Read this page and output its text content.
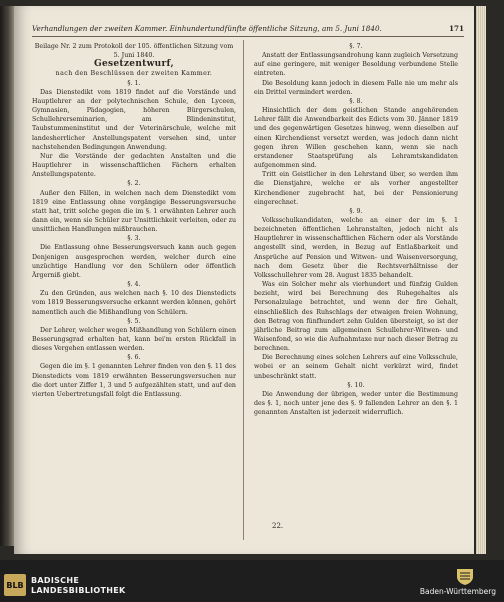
Verhandlungen der zweiten Kammer. Einhundertundfünfte öffentliche Sitzung, am 5. Juni 1840.	171

Beilage Nr. 2 zum Protokoll der 105. öffentlichen Sitzung vom 5. Juni 1840.

Gesetzentwurf,

nach den Beschlüssen der zweiten Kammer.

§. 1.

Das Dienstedikt vom 1819 findet auf die Vorstände und Hauptlehrer an der polytechnischen Schule, den Lyceen, Gymnasien, Pädagogien, höheren Bürgerschulen, Schullehrerseminarien, am Blindeninstitut, Taubstummeninstitut und der Veterinärschule, welche mit landesherrlicher Anstellungspatent versehen sind, unter nachstehenden Bedingungen Anwendung.

Nur die Vorstände der gedachten Anstalten und die Hauptlehrer in wissenschaftlichen Fächern erhalten Anstellungspatente.

§. 2.

Außer den Fällen, in welchen nach dem Dienstedikt vom 1819 eine Entlassung ohne vorgängige Besserungsversuche statt hat, tritt solche gegen die im §. 1 erwähnten Lehrer auch dann ein, wenn sie Schüler zur Unsittlichkeit verleiten, oder zu unsittlichen Handlungen mißbrauchen.

§. 3.

Die Entlassung ohne Besserungsversuch kann auch gegen Denjenigen ausgesprochen werden, welcher durch eine unzüchtige Handlung vor den Schülern oder öffentlich Ärgerniß giebt.

§. 4.

Zu den Gründen, aus welchen nach §. 10 des Dienstedicts vom 1819 Besserungsversuche erkannt werden können, gehört namentlich auch die Mißhandlung von Schülern.

§. 5.

Der Lehrer, welcher wegen Mißhandlung von Schülern einen Besserungsgrad erhalten hat, kann bei'm ersten Rückfall in dieses Vergehen entlassen werden.

§. 6.

Gegen die im §. 1 genannten Lehrer finden von den §. 11 des Dienstedicts vom 1819 erwähnten Besserungsversuchen nur die dort unter Ziffer 1, 3 und 5 aufgezählten statt, und auf den vierten Uebertretungsfall folgt die Entlassung.

§. 7.

Anstatt der Entlassungsandrohung kann zugleich Versetzung auf eine geringere, mit weniger Besoldung verbundene Stelle eintreten.

Die Besoldung kann jedoch in diesem Falle nie um mehr als ein Drittel vermindert werden.

§. 8.

Hinsichtlich der dem geistlichen Stande angehörenden Lehrer fällt die Anwendbarkeit des Edicts vom 30. Jänner 1819 und des gegenwärtigen Gesetzes hinweg, wenn dieselben auf einen Kirchendienst versetzt werden, was jedoch dann nicht gegen ihren Willen geschehen kann, wenn sie nach erstandener Staatsprüfung als Lehramtskandidaten aufgenommen sind.

Tritt ein Geistlicher in den Lehrstand über, so werden ihm die Dienstjahre, welche er als vorher angestellter Kirchendiener zugebracht hat, bei der Pensionierung eingerechnet.

§. 9.

Volksschulkandidaten, welche an einer der im §. 1 bezeichneten öffentlichen Lehranstalten, jedoch nicht als Hauptlehrer in wissenschaftlichen Fächern oder als Vorstände angestellt sind, werden, in Bezug auf Entlaßbarkeit und Ansprüche auf Pension und Witwen- und Waisenversorgung, nach dem Gesetz über die Rechtsverhältnisse der Volksschullehrer vom 28. August 1835 behandelt.

Was ein Solcher mehr als vierhundert und fünfzig Gulden bezieht, wird bei Berechnung des Ruhegehaltes als Personalzulage betrachtet, und wenn der fire Gehalt, einschließlich des Ruhschlags der etwaigen freien Wohnung, den Betrag von fünfhundert zehn Gulden übersteigt, so ist der jährliche Beitrag zum allgemeinen Schullehrer-Witwen- und Waisenfond, so wie die Aufnahmtaxe nur nach dieser Betrag zu berechnen.

Die Berechnung eines solchen Lehrers auf eine Volksschule, wobei er an seinem Gehalt nicht verkürzt wird, findet unbeschränkt statt.

§. 10.

Die Anwendung der übrigen, weder unter die Bestimmung des §. 1, noch unter jene des §. 9 fallenden Lehrer an den §. 1 genannten Anstalten ist jederzeit widerruflich.

22.
BLB BADISCHE
LANDESBIBLIOTHEK	Baden-Württemberg
